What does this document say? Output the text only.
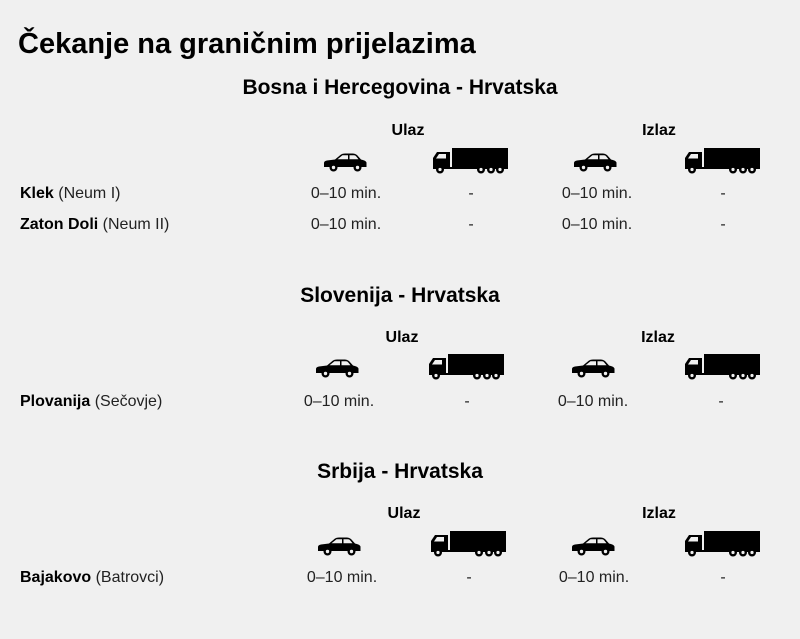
Čekanje na graničnim prijelazima
Bosna i Hercegovina - Hrvatska
Ulaz	Izlaz
Klek (Neum I)	0–10 min.	-	0–10 min.	-
Zaton Doli (Neum II)	0–10 min.	-	0–10 min.	-
Slovenija - Hrvatska
Ulaz	Izlaz
Plovanija (Sečovje)	0–10 min.	-	0–10 min.	-
Srbija - Hrvatska
Ulaz	Izlaz
Bajakovo (Batrovci)	0–10 min.	-	0–10 min.	-
